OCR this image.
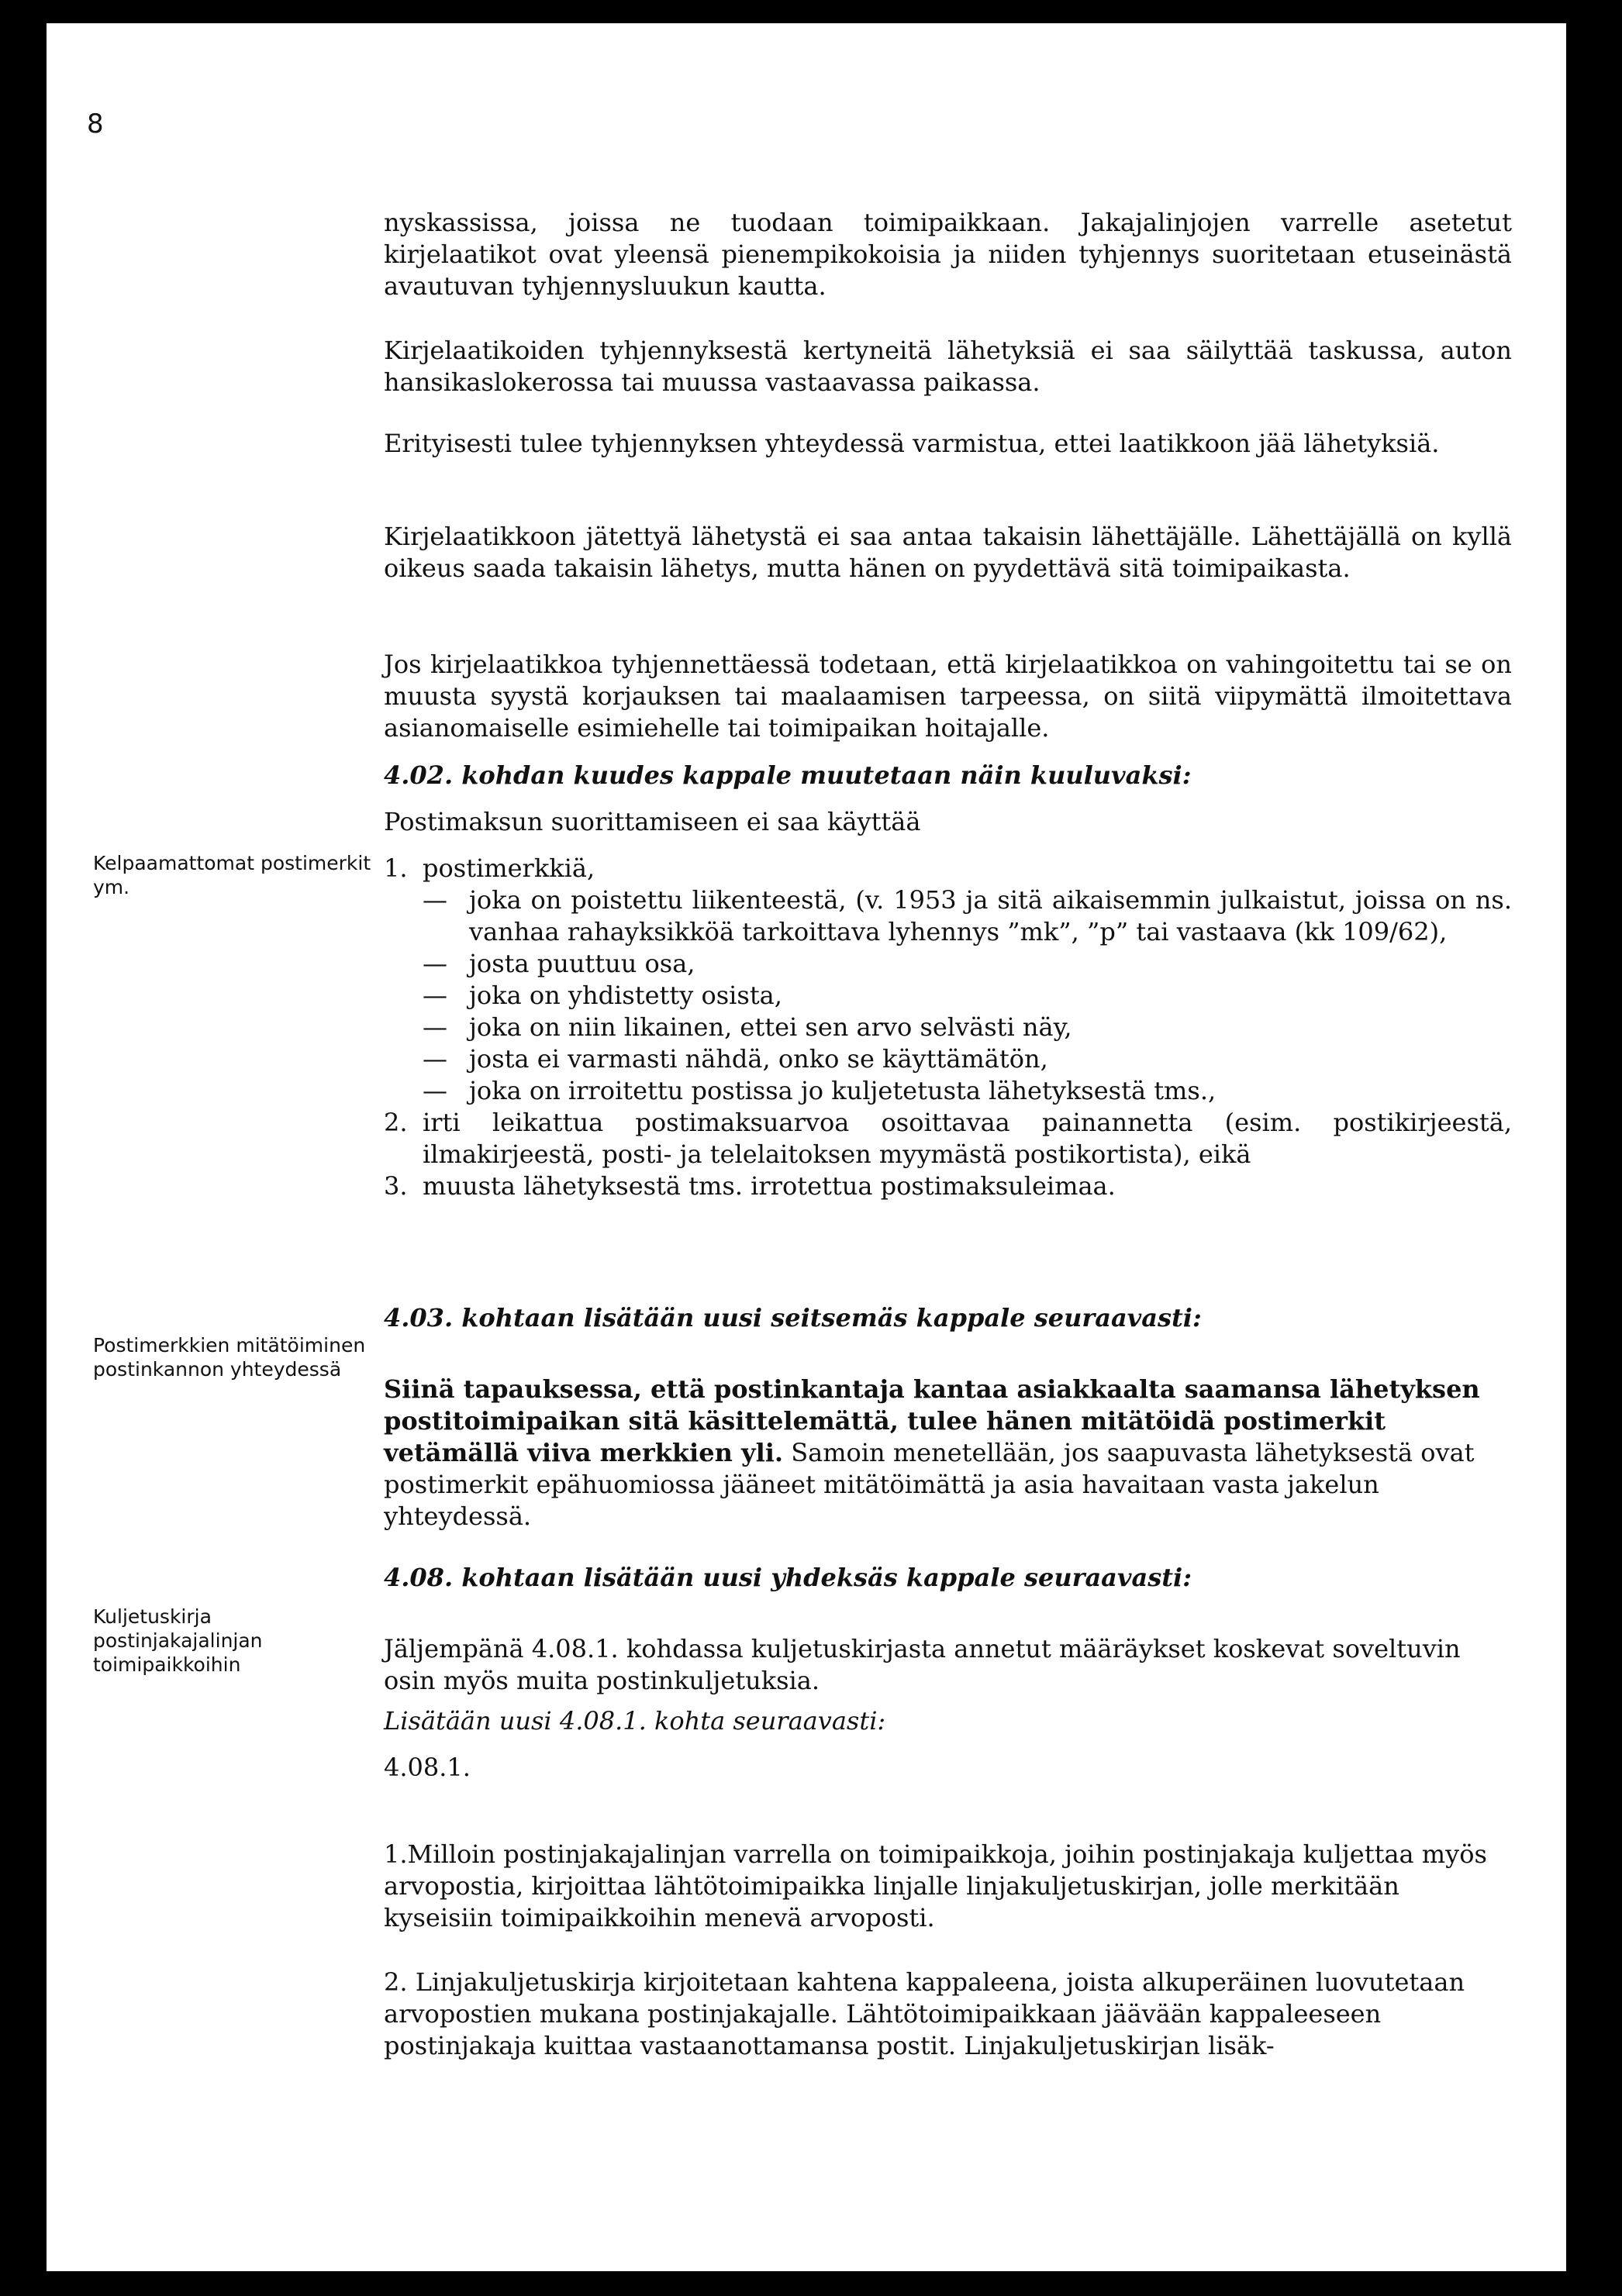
8
Kelpaamattomat postimerkit ym.
Postimerkkien mitätöiminen postinkannon yhteydessä
Kuljetuskirja postinjakajalinjan toimipaikkoihin

nyskassissa, joissa ne tuodaan toimipaikkaan. Jakajalinjojen varrelle asetetut kirjelaatikot ovat yleensä pienempikokoisia ja niiden tyhjennys suoritetaan etuseinästä avautuvan tyhjennysluukun kautta.

Kirjelaatikoiden tyhjennyksestä kertyneitä lähetyksiä ei saa säilyttää taskussa, auton hansikaslokerossa tai muussa vastaavassa paikassa.

Erityisesti tulee tyhjennyksen yhteydessä varmistua, ettei laatikkoon jää lähetyksiä.

Kirjelaatikkoon jätettyä lähetystä ei saa antaa takaisin lähettäjälle. Lähettäjällä on kyllä oikeus saada takaisin lähetys, mutta hänen on pyydettävä sitä toimipaikasta.

Jos kirjelaatikkoa tyhjennettäessä todetaan, että kirjelaatikkoa on vahingoitettu tai se on muusta syystä korjauksen tai maalaamisen tarpeessa, on siitä viipymättä ilmoitettava asianomaiselle esimiehelle tai toimipaikan hoitajalle.

4.02. kohdan kuudes kappale muutetaan näin kuuluvaksi:
Postimaksun suorittamiseen ei saa käyttää
1. postimerkkiä,
— joka on poistettu liikenteestä, (v. 1953 ja sitä aikaisemmin julkaistut, joissa on ns. vanhaa rahayksikköä tarkoittava lyhennys ”mk”, ”p” tai vastaava (kk 109/62),
— josta puuttuu osa,
— joka on yhdistetty osista,
— joka on niin likainen, ettei sen arvo selvästi näy,
— josta ei varmasti nähdä, onko se käyttämätön,
— joka on irroitettu postissa jo kuljetetusta lähetyksestä tms.,
2. irti leikattua postimaksuarvoa osoittavaa painannetta (esim. postikirjeestä, ilmakirjeestä, posti- ja telelaitoksen myymästä postikortista), eikä
3. muusta lähetyksestä tms. irrotettua postimaksuleimaa.
4.03. kohtaan lisätään uusi seitsemäs kappale seuraavasti:

Siinä tapauksessa, että postinkantaja kantaa asiakkaalta saamansa lähetyksen postitoimipaikan sitä käsittelemättä, tulee hänen mitätöidä postimerkit vetämällä viiva merkkien yli. Samoin menetellään, jos saapuvasta lähetyksestä ovat postimerkit epähuomiossa jääneet mitätöimättä ja asia havaitaan vasta jakelun yhteydessä.

4.08. kohtaan lisätään uusi yhdeksäs kappale seuraavasti:

Jäljempänä 4.08.1. kohdassa kuljetuskirjasta annetut määräykset koskevat soveltuvin osin myös muita postinkuljetuksia.

Lisätään uusi 4.08.1. kohta seuraavasti:
4.08.1.

1.Milloin postinjakajalinjan varrella on toimipaikkoja, joihin postinjakaja kuljettaa myös arvopostia, kirjoittaa lähtötoimipaikka linjalle linjakuljetuskirjan, jolle merkitään kyseisiin toimipaikkoihin menevä arvoposti.

2. Linjakuljetuskirja kirjoitetaan kahtena kappaleena, joista alkuperäinen luovutetaan arvopostien mukana postinjakajalle. Lähtötoimipaikkaan jäävään kappaleeseen postinjakaja kuittaa vastaanottamansa postit. Linjakuljetuskirjan lisäk-
